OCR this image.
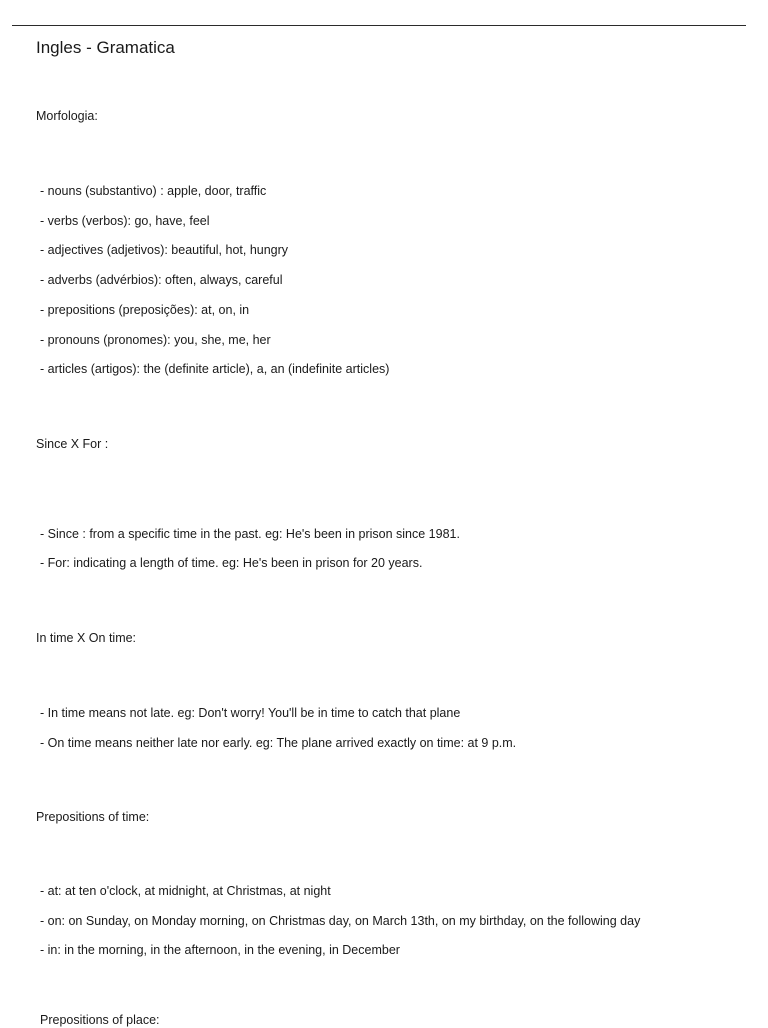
Ingles - Gramatica

Morfologia:

- nouns (substantivo) : apple, door, traffic

- verbs (verbos): go, have, feel

- adjectives (adjetivos): beautiful, hot, hungry

- adverbs (advérbios): often, always, careful

- prepositions (preposições): at, on, in

- pronouns (pronomes): you, she, me, her

- articles (artigos): the (definite article), a, an (indefinite articles)

Since X For :

- Since : from a specific time in the past. eg: He's been in prison since 1981.

- For: indicating a length of time. eg: He's been in prison for 20 years.

In time X On time:

- In time means not late. eg: Don't worry! You'll be in time to catch that plane

- On time means neither late nor early. eg: The plane arrived exactly on time: at 9 p.m.

Prepositions of time:

- at: at ten o'clock, at midnight, at Christmas, at night

- on: on Sunday, on Monday morning, on Christmas day, on March 13th, on my birthday, on the following day

- in: in the morning, in the afternoon, in the evening, in December

Prepositions of place:
